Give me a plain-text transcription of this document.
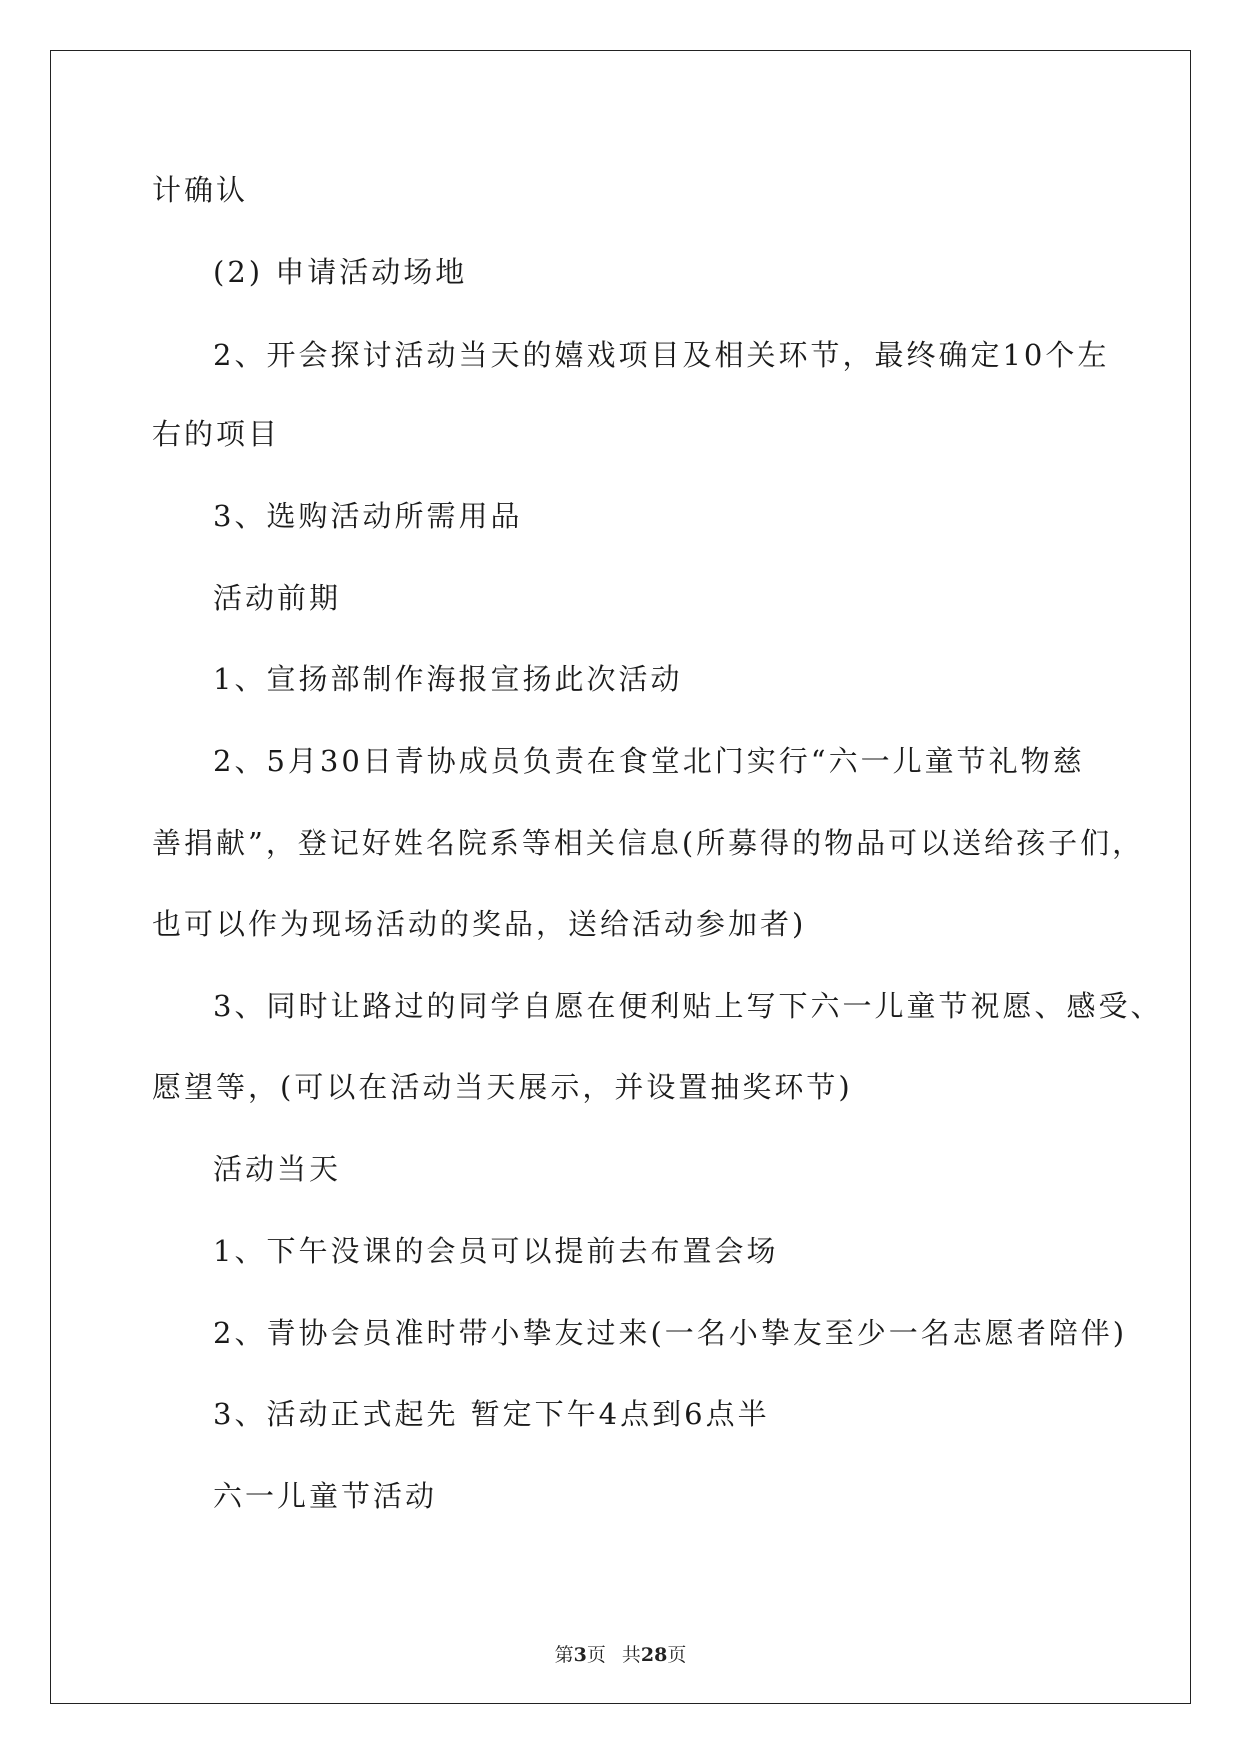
计确认
(2) 申请活动场地
2、开会探讨活动当天的嬉戏项目及相关环节，最终确定10个左
右的项目
3、选购活动所需用品
活动前期
1、宣扬部制作海报宣扬此次活动
2、5月30日青协成员负责在食堂北门实行“六一儿童节礼物慈
善捐献”，登记好姓名院系等相关信息(所募得的物品可以送给孩子们，
也可以作为现场活动的奖品，送给活动参加者)
3、同时让路过的同学自愿在便利贴上写下六一儿童节祝愿、感受、
愿望等，(可以在活动当天展示，并设置抽奖环节)
活动当天
1、下午没课的会员可以提前去布置会场
2、青协会员准时带小挚友过来(一名小挚友至少一名志愿者陪伴)
3、活动正式起先 暂定下午4点到6点半
六一儿童节活动
第3页 共28页
